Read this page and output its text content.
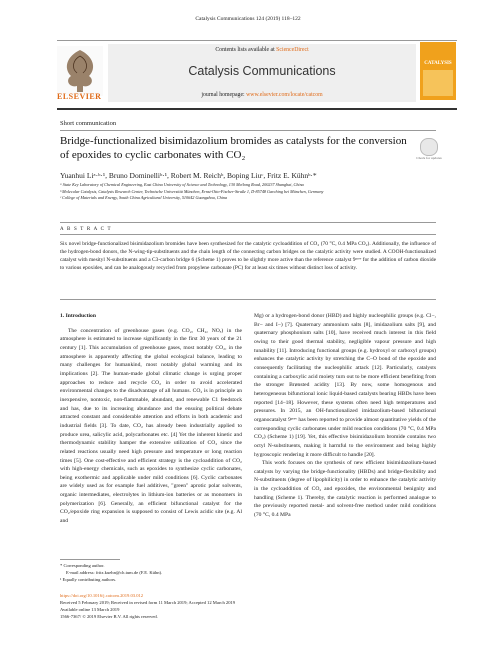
Catalysis Communications 124 (2019) 118–122
ELSEVIER
Contents lists available at ScienceDirect
Catalysis Communications
journal homepage: www.elsevier.com/locate/catcom
CATALYSIS
Short communication
Bridge-functionalized bisimidazolium bromides as catalysts for the conversion of epoxides to cyclic carbonates with CO₂	Check for updates
Yuanhui Liᵃ·ᵇ·¹, Bruno Dominelliᵇ·¹, Robert M. Reichᵇ, Boping Liuᶜ, Fritz E. Kühnᵇ·*
ᵃ State Key Laboratory of Chemical Engineering, East China University of Science and Technology, 130 Meilong Road, 200237 Shanghai, China
ᵇ Molecular Catalysis, Catalysis Research Center, Technische Universität München, Ernst-Otto-Fischer-Straße 1, D-85748 Garching bei München, Germany
ᶜ College of Materials and Energy, South China Agricultural University, 510642 Guangzhou, China
A B S T R A C T
Six novel bridge-functionalized bisimidazolium bromides have been synthesized for the catalytic cycloaddition of CO₂ (70 °C, 0.4 MPa CO₂). Additionally, the influence of the hydrogen-bond donors, the N-wing-tip-substituents and the chain length of the connecting carbon bridges on the catalytic activity were studied. A COOH-functionalized catalyst with mesityl N-substituents and a C3-carbon bridge 6 (Scheme 1) proves to be slightly more active than the reference catalyst 9ᵖʳᵉᵛ for the addition of carbon dioxide to various epoxides, and can be analogously recycled from propylene carbonate (PC) for at least six times without distinct loss of activity.

1. Introduction

The concentration of greenhouse gases (e.g. CO₂, CH₄, NOₓ) in the atmosphere is estimated to increase significantly in the first 30 years of the 21 century [1]. This accumulation of greenhouse gases, most notably CO₂, in the atmosphere is apparently affecting the global ecological balance, leading to many challenges for humankind, most notably global warming and its implications [2]. The human-made global climatic change is urging proper approaches to reduce and recycle CO₂ in order to avoid accelerated environmental changes to the disadvantage of all humans. CO₂ is in principle an inexpensive, nontoxic, non-flammable, abundant, and renewable C1 feedstock and has, due to its increasing abundance and the ensuing political debate attracted constant and considerable attention and efforts in both academic and industrial fields [3]. To date, CO₂ has already been industrially applied to produce urea, salicylic acid, polycarbonates etc. [4] Yet the inherent kinetic and thermodynamic stability hamper the extensive utilization of CO₂ since the related reactions usually need high pressure and temperature or long reaction times [5]. One cost-effective and efficient strategy is the cycloaddition of CO₂ with high-energy chemicals, such as epoxides to synthesize cyclic carbonates, being exothermic and applicable under mild conditions [6]. Cyclic carbonates are widely used as for example fuel additives, "green" aprotic polar solvents, organic intermediates, electrolytes in lithium-ion batteries or as monomers in polymerization [6]. Generally, an efficient bifunctional catalyst for the CO₂/epoxide ring expansion is supposed to consist of Lewis acidic site (e.g. Al and

Mg) or a hydrogen-bond donor (HBD) and highly nucleophilic groups (e.g. Cl−, Br− and I−) [7]. Quaternary ammonium salts [8], imidazolium salts [9], and quaternary phosphonium salts [10], have received much interest in this field owing to their good thermal stability, negligible vapour pressure and high tunability [11]. Introducing functional groups (e.g. hydroxyl or carboxyl groups) enhances the catalytic activity by stretching the C–O bond of the epoxide and consequently facilitating the nucleophilic attack [12]. Particularly, catalysts containing a carboxylic acid moiety turn out to be more efficient benefiting from the stronger Brønsted acidity [13]. By now, some homogenous and heterogeneous bifunctional ionic liquid-based catalysts bearing HBDs have been reported [14–18]. However, these systems often need high temperatures and pressures. In 2015, an OH-functionalized imidazolium-based bifunctional organocatalyst 9ᵖʳᵉᵛ has been reported to provide almost quantitative yields of the corresponding cyclic carbonates under mild reaction conditions (70 °C, 0.4 MPa CO₂) (Scheme 1) [19]. Yet, this effective bisimidazolium bromide contains two octyl N-substituents, making it harmful to the environment and being highly hygroscopic rendering it more difficult to handle [20].

This work focuses on the synthesis of new efficient bisimidazolium-based catalysts by varying the bridge-functionality (HBDs) and bridge-flexibility and N-substituents (degree of lipophilicity) in order to enhance the catalytic activity in the cycloaddition of CO₂ and epoxides, the environmental benignity and handling (Scheme 1). Thereby, the catalytic reaction is performed analogue to the previously reported metal- and solvent-free method under mild conditions (70 °C, 0.4 MPa

* Corresponding author.
E-mail address: fritz.kuehn@ch.tum.de (F.E. Kühn).
¹ Equally contributing authors.
https://doi.org/10.1016/j.catcom.2019.03.012
Received 5 February 2019; Received in revised form 11 March 2019; Accepted 12 March 2019
Available online 13 March 2019
1566-7367/ © 2019 Elsevier B.V. All rights reserved.
